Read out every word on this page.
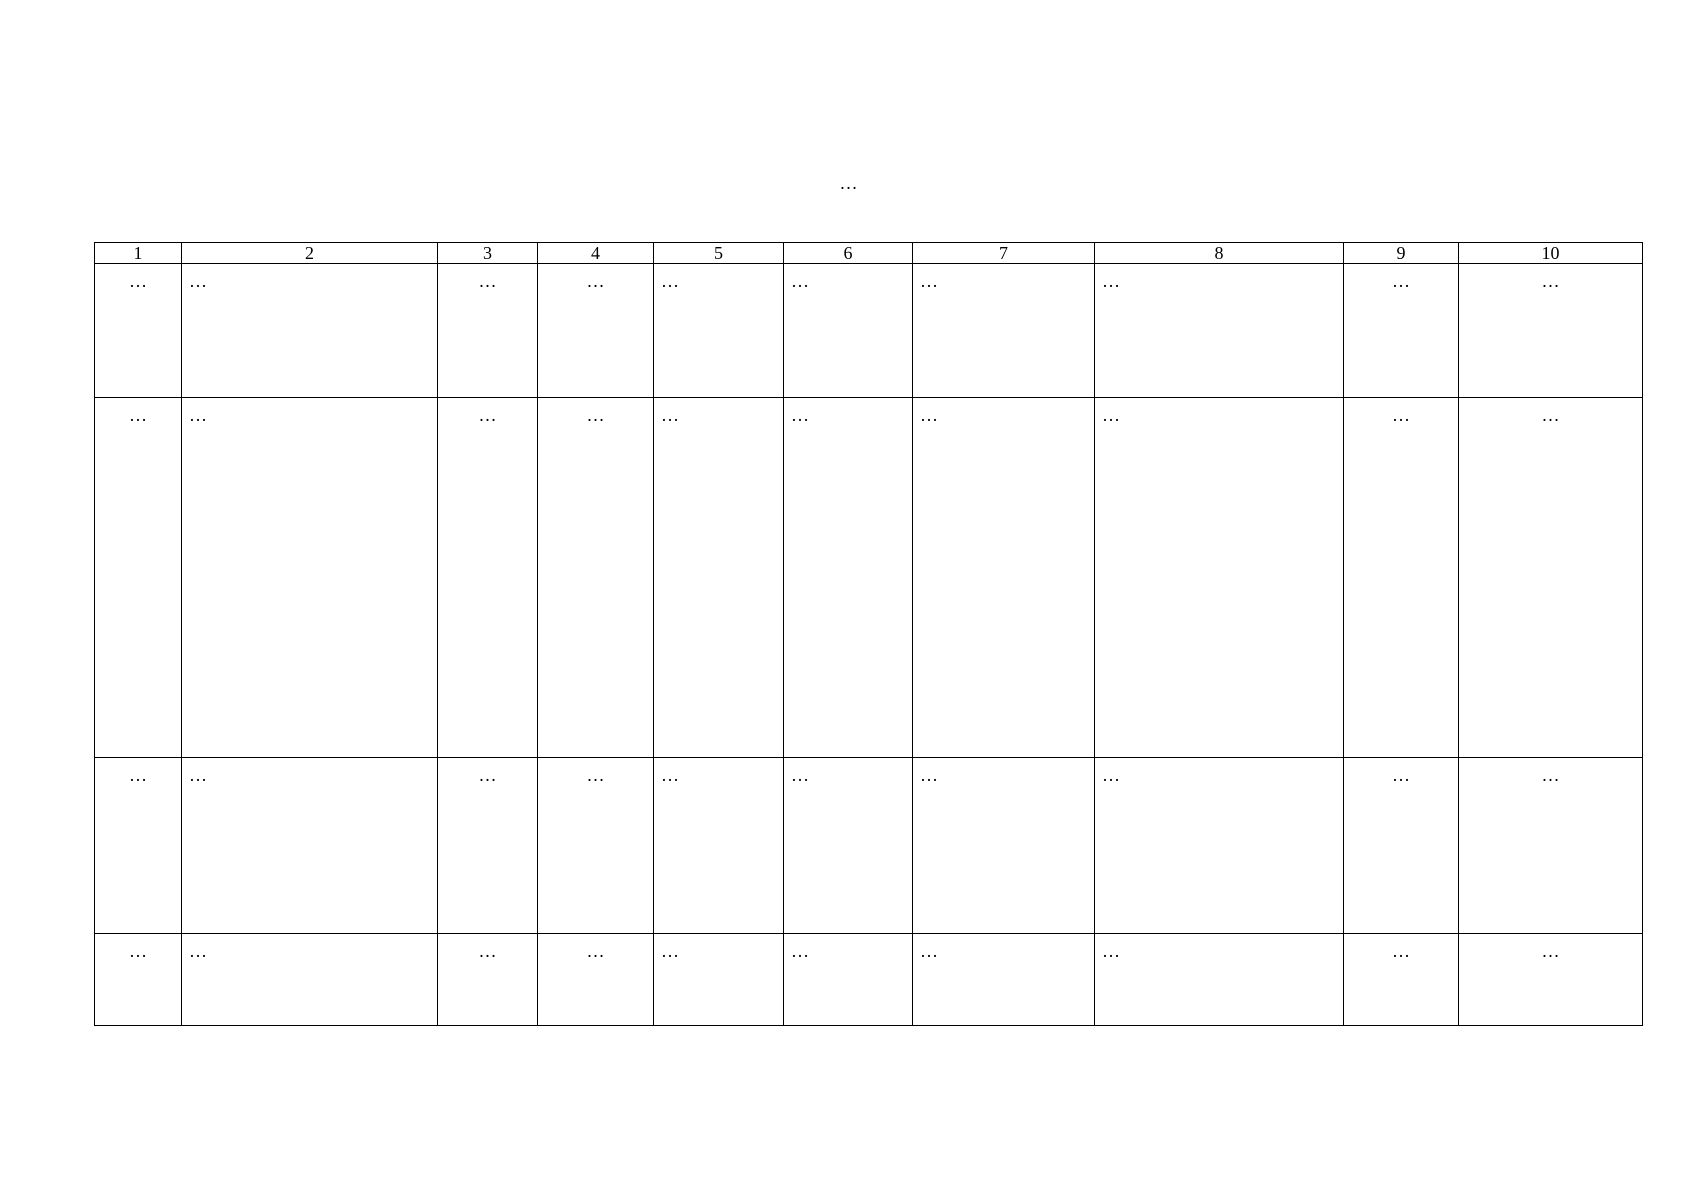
…
1	2	3	4	5	6	7	8	9	10
…	…	…	…	…	…	…	…	…	…
…	…	…	…	…	…	…	…	…	…
…	…	…	…	…	…	…	…	…	…
…	…	…	…	…	…	…	…	…	…
